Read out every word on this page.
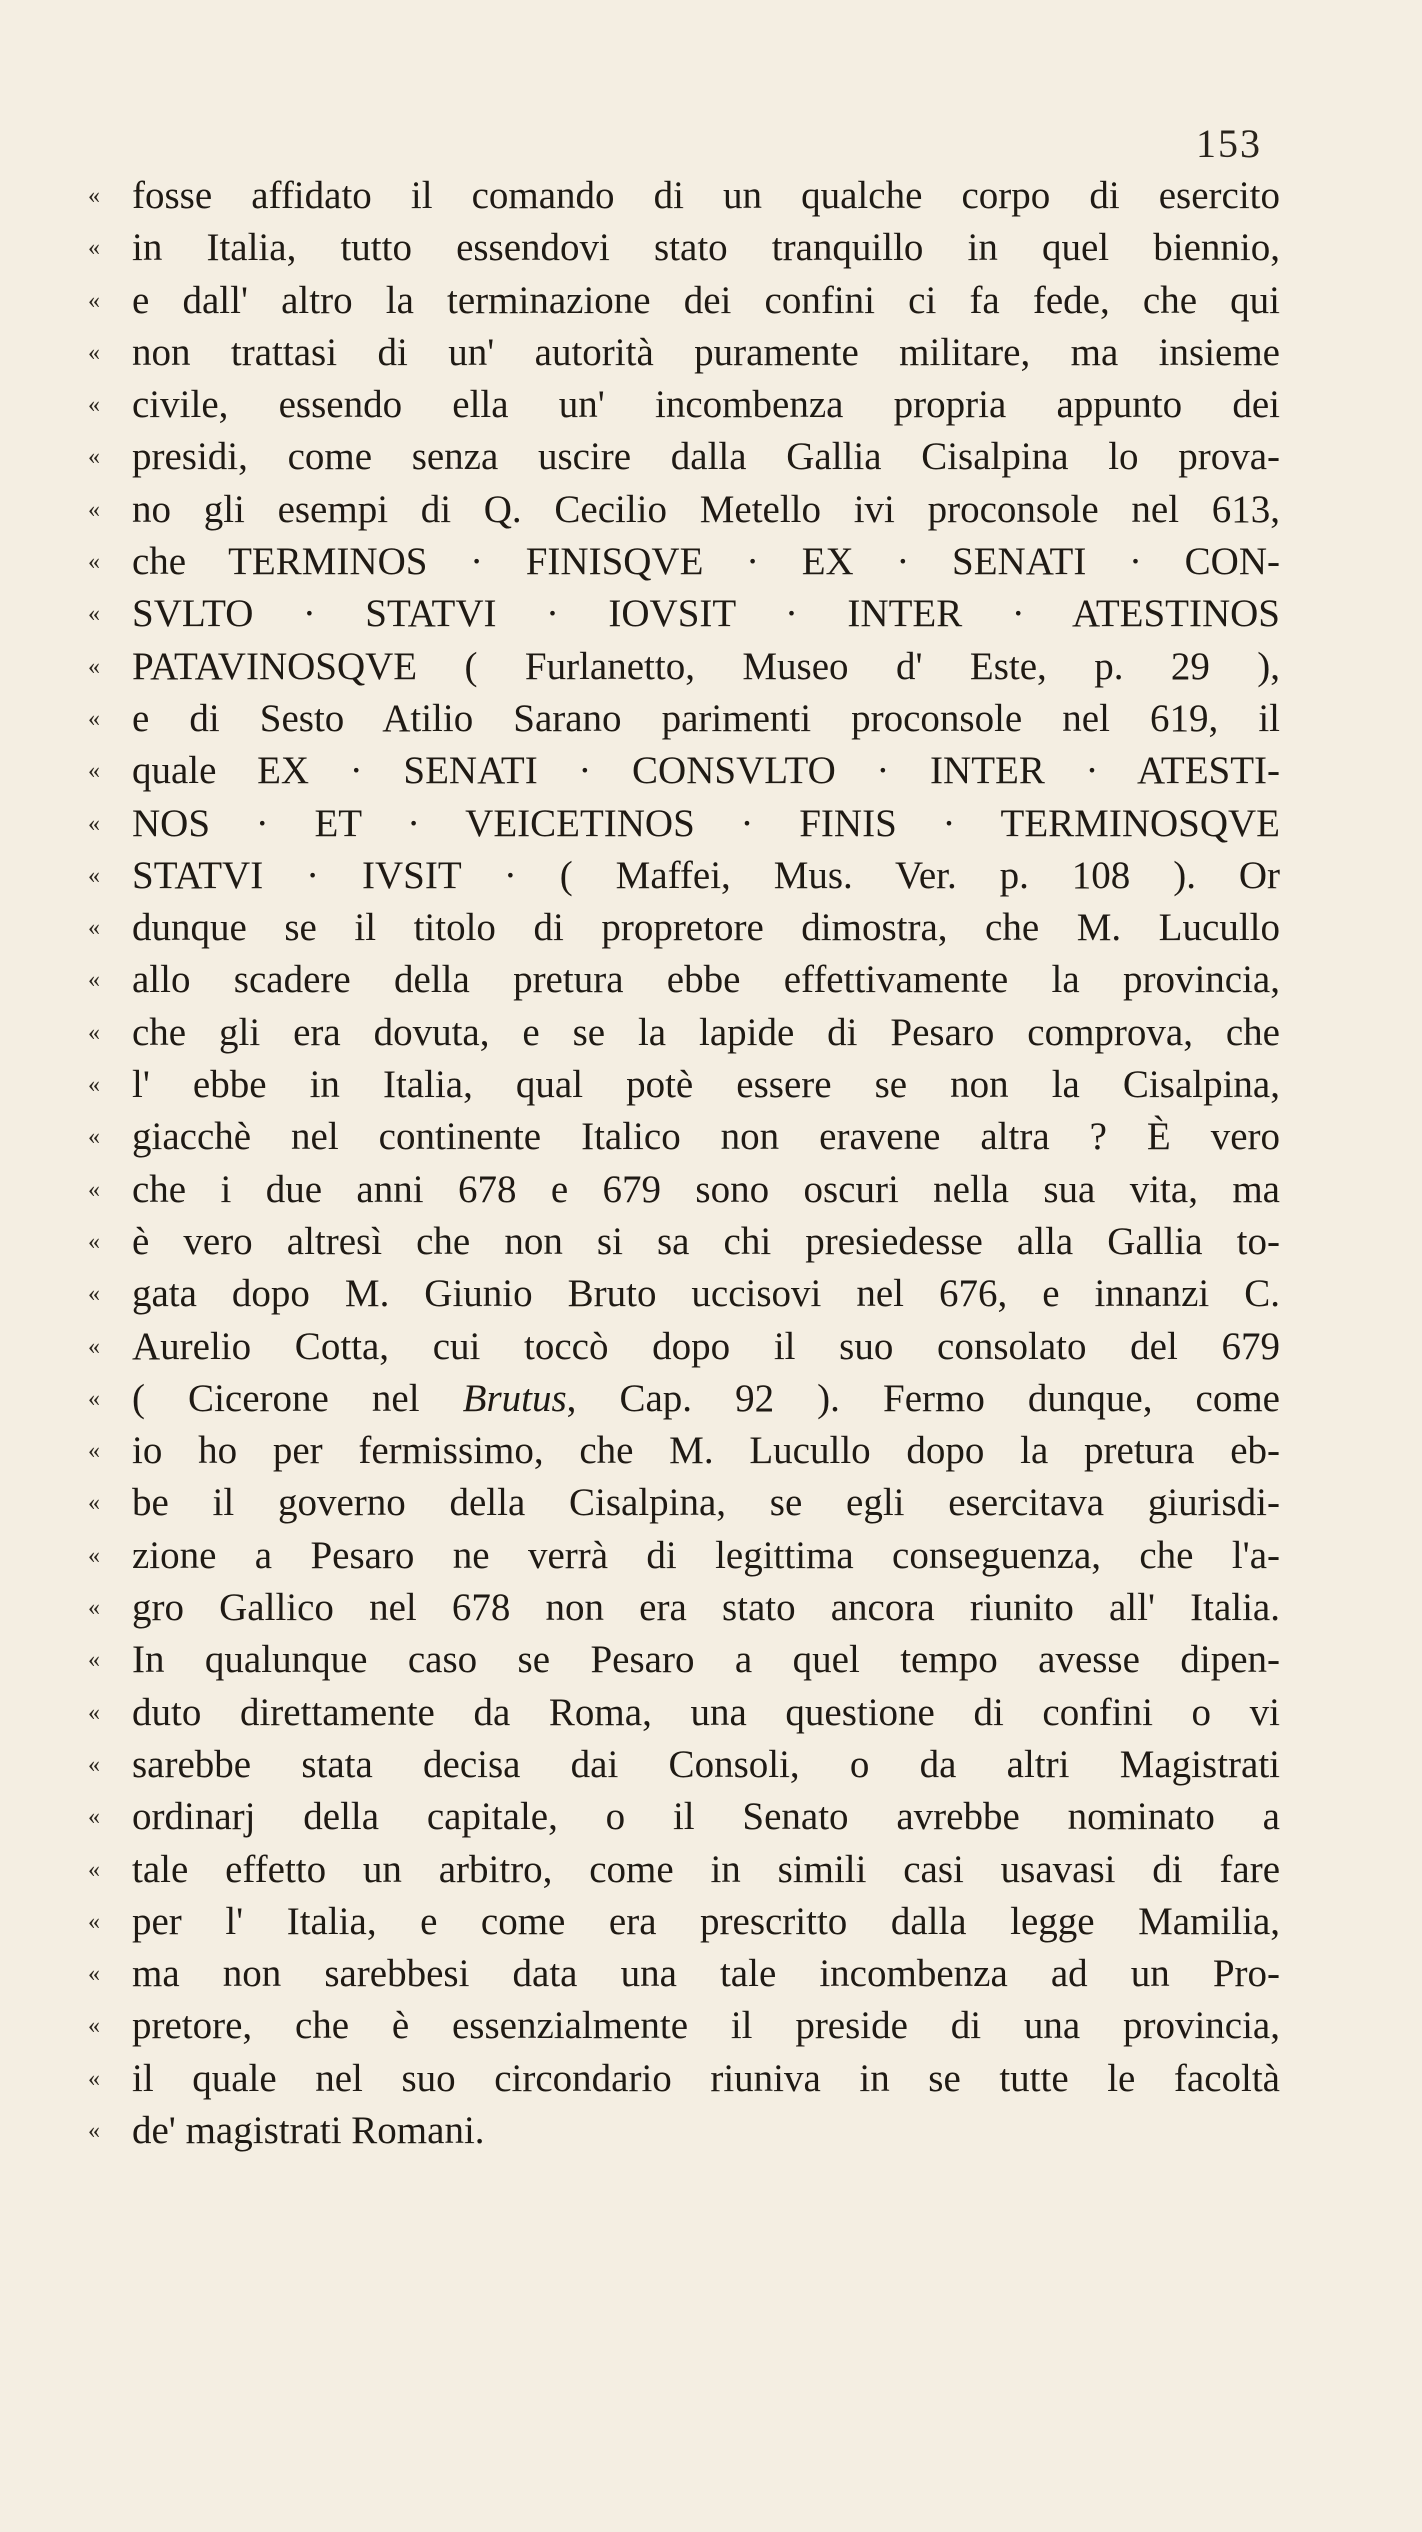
153
« fosse affidato il comando di un qualche corpo di esercito
« in Italia, tutto essendovi stato tranquillo in quel biennio,
« e dall' altro la terminazione dei confini ci fa fede, che qui
« non trattasi di un' autorità puramente militare, ma insieme
« civile, essendo ella un' incombenza propria appunto dei
« presidi, come senza uscire dalla Gallia Cisalpina lo prova-
« no gli esempi di Q. Cecilio Metello ivi proconsole nel 613,
« che TERMINOS · FINISQVE · EX · SENATI · CON-
« SVLTO · STATVI · IOVSIT · INTER · ATESTINOS
« PATAVINOSQVE ( Furlanetto, Museo d' Este, p. 29 ),
« e di Sesto Atilio Sarano parimenti proconsole nel 619, il
« quale EX · SENATI · CONSVLTO · INTER · ATESTI-
« NOS · ET · VEICETINOS · FINIS · TERMINOSQVE
« STATVI · IVSIT · ( Maffei, Mus. Ver. p. 108 ). Or
« dunque se il titolo di propretore dimostra, che M. Lucullo
« allo scadere della pretura ebbe effettivamente la provincia,
« che gli era dovuta, e se la lapide di Pesaro comprova, che
« l' ebbe in Italia, qual potè essere se non la Cisalpina,
« giacchè nel continente Italico non eravene altra ? È vero
« che i due anni 678 e 679 sono oscuri nella sua vita, ma
« è vero altresì che non si sa chi presiedesse alla Gallia to-
« gata dopo M. Giunio Bruto uccisovi nel 676, e innanzi C.
« Aurelio Cotta, cui toccò dopo il suo consolato del 679
« ( Cicerone nel Brutus, Cap. 92 ). Fermo dunque, come
« io ho per fermissimo, che M. Lucullo dopo la pretura eb-
« be il governo della Cisalpina, se egli esercitava giurisdi-
« zione a Pesaro ne verrà di legittima conseguenza, che l'a-
« gro Gallico nel 678 non era stato ancora riunito all' Italia.
« In qualunque caso se Pesaro a quel tempo avesse dipen-
« duto direttamente da Roma, una questione di confini o vi
« sarebbe stata decisa dai Consoli, o da altri Magistrati
« ordinarj della capitale, o il Senato avrebbe nominato a
« tale effetto un arbitro, come in simili casi usavasi di fare
« per l' Italia, e come era prescritto dalla legge Mamilia,
« ma non sarebbesi data una tale incombenza ad un Pro-
« pretore, che è essenzialmente il preside di una provincia,
« il quale nel suo circondario riuniva in se tutte le facoltà
« de' magistrati Romani.
